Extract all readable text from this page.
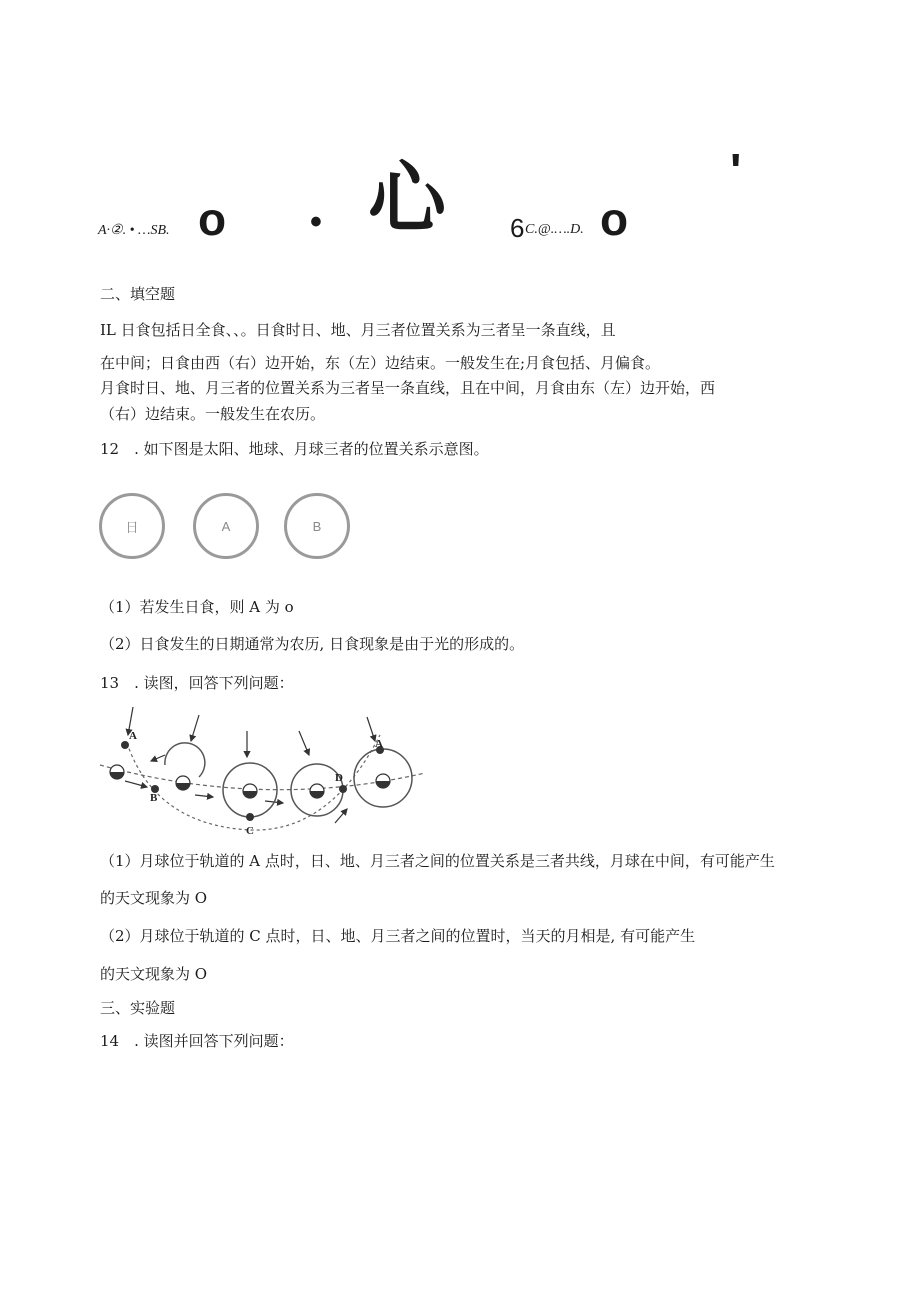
A·②. • …SB. o • 心 6 C.@.….D. o
'
二、填空题
IL 日食包括日全食、、。日食时日、地、月三者位置关系为三者呈一条直线，且
在中间；日食由西（右）边开始，东（左）边结束。一般发生在;月食包括、月偏食。
月食时日、地、月三者的位置关系为三者呈一条直线，且在中间，月食由东（左）边开始，西
（右）边结束。一般发生在农历。
12　. 如下图是太阳、地球、月球三者的位置关系示意图。
日	A	B
（1）若发生日食，则 A 为 o
（2）日食发生的日期通常为农历, 日食现象是由于光的形成的。
13　. 读图，回答下列问题：
A
B
C
D
A
（1）月球位于轨道的 A 点时，日、地、月三者之间的位置关系是三者共线，月球在中间，有可能产生
的天文现象为 O
（2）月球位于轨道的 C 点时，日、地、月三者之间的位置时，当天的月相是, 有可能产生
的天文现象为 O
三、实验题
14　. 读图并回答下列问题：
